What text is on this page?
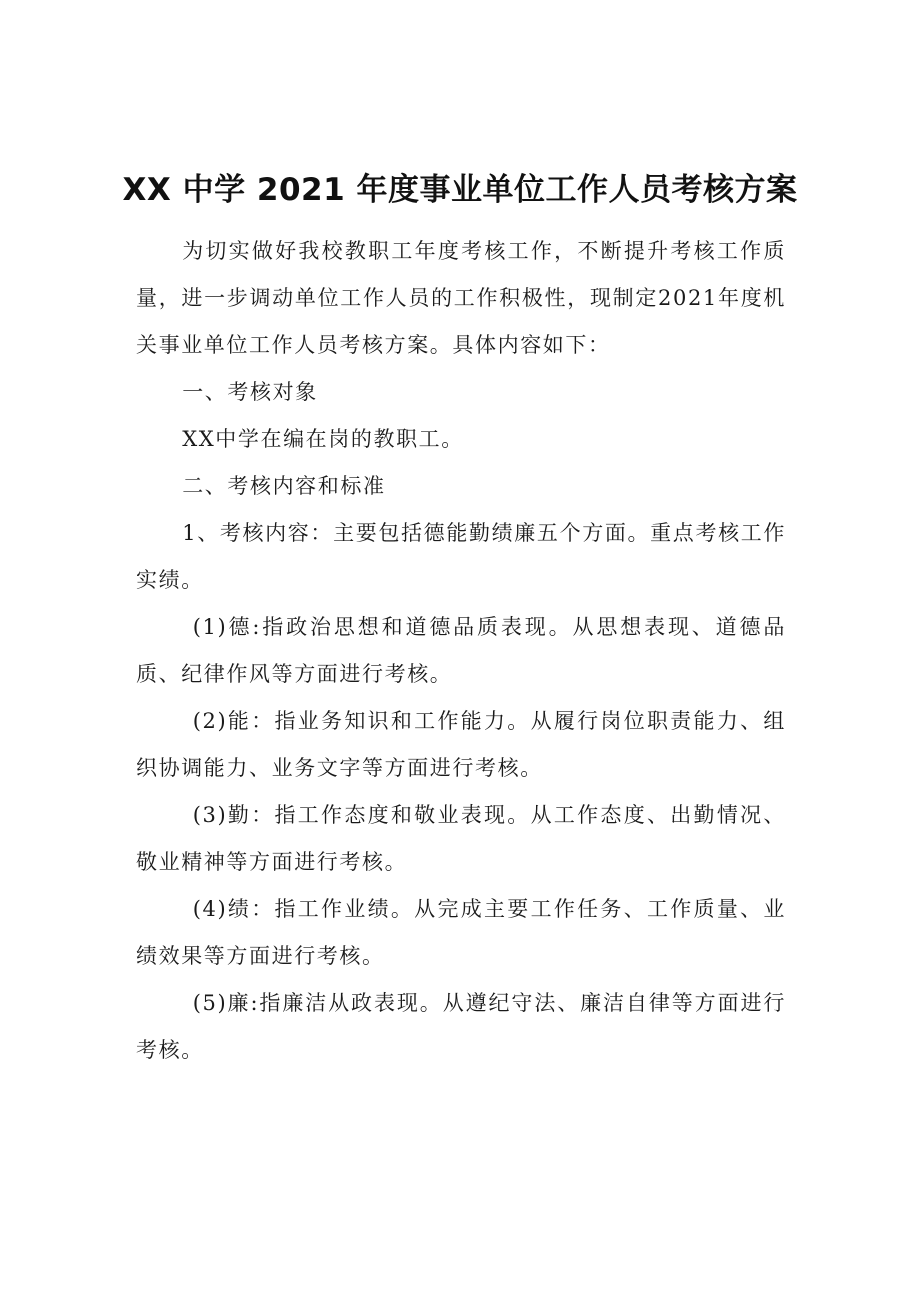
XX 中学 2021 年度事业单位工作人员考核方案

为切实做好我校教职工年度考核工作，不断提升考核工作质量，进一步调动单位工作人员的工作积极性，现制定2021年度机关事业单位工作人员考核方案。具体内容如下：

一、考核对象

XX中学在编在岗的教职工。

二、考核内容和标准

1、考核内容：主要包括德能勤绩廉五个方面。重点考核工作实绩。

(1)德:指政治思想和道德品质表现。从思想表现、道德品质、纪律作风等方面进行考核。

(2)能：指业务知识和工作能力。从履行岗位职责能力、组织协调能力、业务文字等方面进行考核。

(3)勤：指工作态度和敬业表现。从工作态度、出勤情况、敬业精神等方面进行考核。

(4)绩：指工作业绩。从完成主要工作任务、工作质量、业绩效果等方面进行考核。

(5)廉:指廉洁从政表现。从遵纪守法、廉洁自律等方面进行考核。
